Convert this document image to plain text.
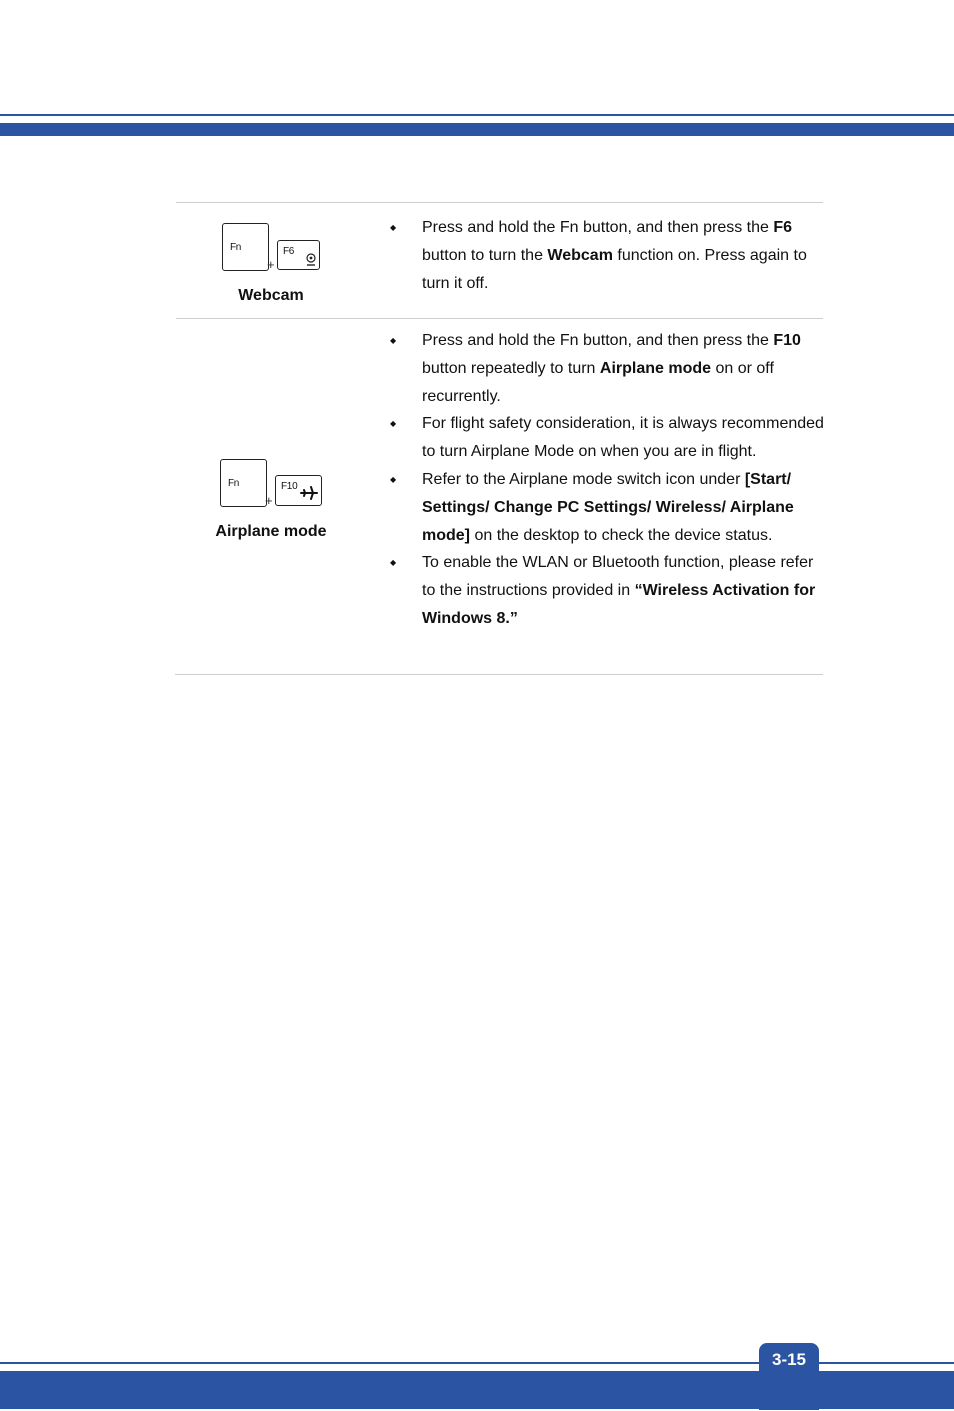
Fn
+
F6
Webcam
◆ Press and hold the Fn button, and then press the F6 button to turn the Webcam function on. Press again to turn it off.
Fn
+
F10
Airplane mode
◆ Press and hold the Fn button, and then press the F10 button repeatedly to turn Airplane mode on or off recurrently.
◆ For flight safety consideration, it is always recommended to turn Airplane Mode on when you are in flight.
◆ Refer to the Airplane mode switch icon under [Start/ Settings/ Change PC Settings/ Wireless/ Airplane mode] on the desktop to check the device status.
◆ To enable the WLAN or Bluetooth function, please refer to the instructions provided in “Wireless Activation for Windows 8.”
3-15
